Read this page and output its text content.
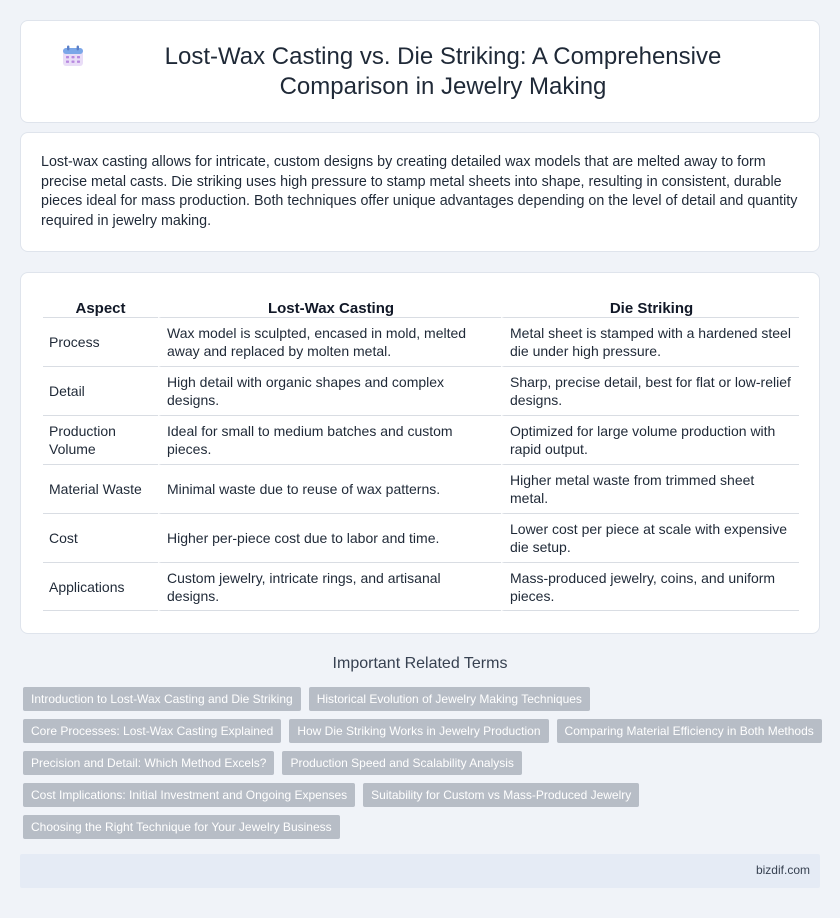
Lost-Wax Casting vs. Die Striking: A Comprehensive Comparison in Jewelry Making

Lost-wax casting allows for intricate, custom designs by creating detailed wax models that are melted away to form precise metal casts. Die striking uses high pressure to stamp metal sheets into shape, resulting in consistent, durable pieces ideal for mass production. Both techniques offer unique advantages depending on the level of detail and quantity required in jewelry making.

Aspect	Lost-Wax Casting	Die Striking
Process	Wax model is sculpted, encased in mold, melted away and replaced by molten metal.	Metal sheet is stamped with a hardened steel die under high pressure.
Detail	High detail with organic shapes and complex designs.	Sharp, precise detail, best for flat or low-relief designs.
Production Volume	Ideal for small to medium batches and custom pieces.	Optimized for large volume production with rapid output.
Material Waste	Minimal waste due to reuse of wax patterns.	Higher metal waste from trimmed sheet metal.
Cost	Higher per-piece cost due to labor and time.	Lower cost per piece at scale with expensive die setup.
Applications	Custom jewelry, intricate rings, and artisanal designs.	Mass-produced jewelry, coins, and uniform pieces.
Important Related Terms
Introduction to Lost-Wax Casting and Die Striking	Historical Evolution of Jewelry Making Techniques
Core Processes: Lost-Wax Casting Explained	How Die Striking Works in Jewelry Production	Comparing Material Efficiency in Both Methods
Precision and Detail: Which Method Excels?	Production Speed and Scalability Analysis
Cost Implications: Initial Investment and Ongoing Expenses	Suitability for Custom vs Mass-Produced Jewelry
Choosing the Right Technique for Your Jewelry Business
bizdif.com
